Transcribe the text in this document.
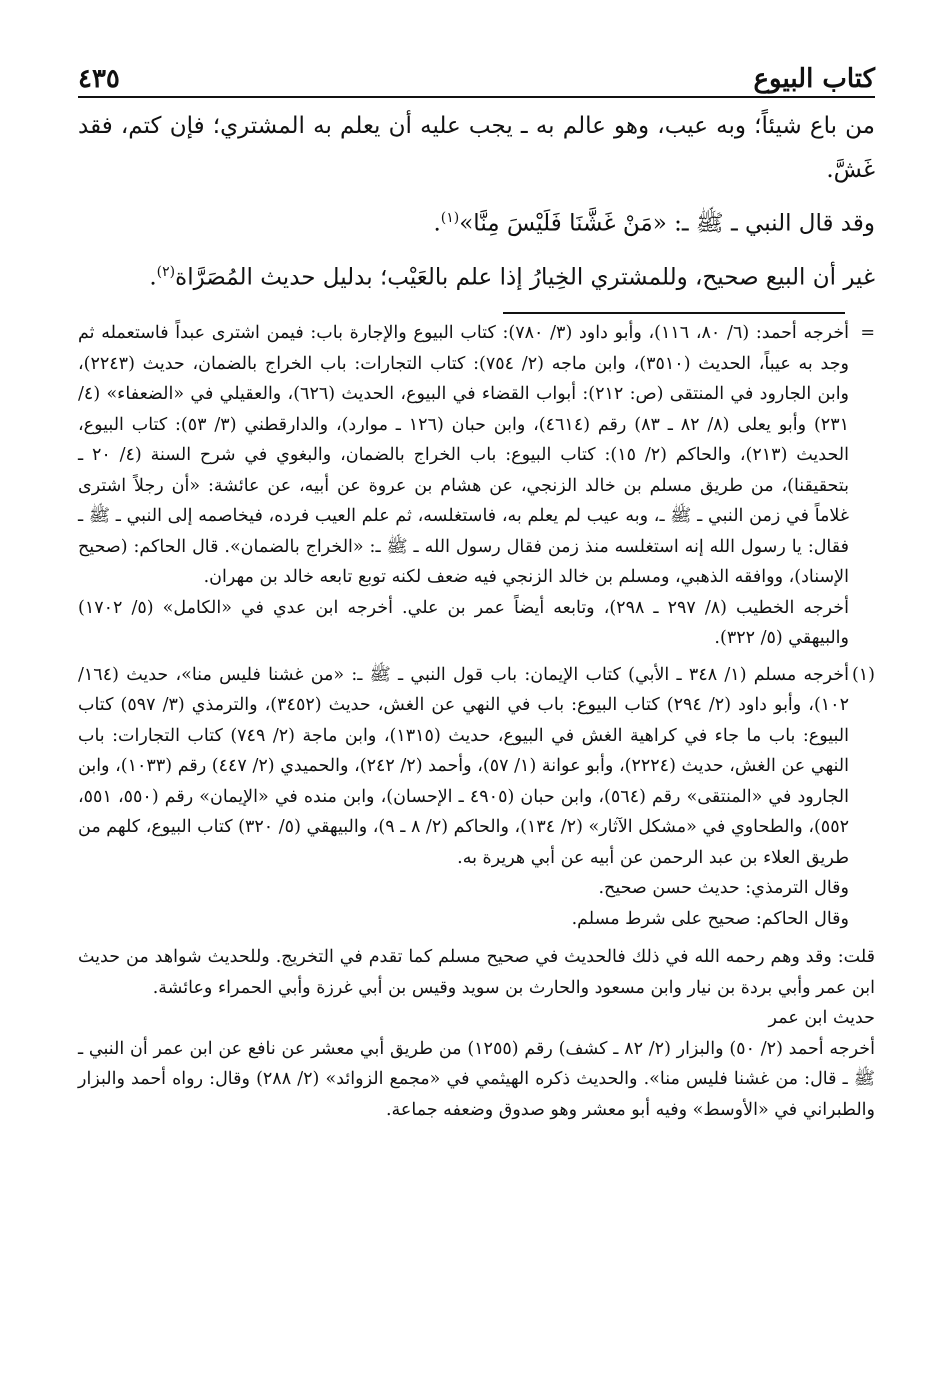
كتاب البيوع
٤٣٥

من باع شيئاً؛ وبه عيب، وهو عالم به ـ يجب عليه أن يعلم به المشتري؛ فإن كتم، فقد غَشَّ.

وقد قال النبي ـ ﷺ ـ: «مَنْ غَشَّنَا فَلَيْسَ مِنَّا»$^{(١)}$.

غير أن البيع صحيح، وللمشتري الخِيارُ إذا علم بالعَيْب؛ بدليل حديث المُصَرَّاة$^{(٢)}$.

=

أخرجه أحمد: (٦/ ٨٠، ١١٦)، وأبو داود (٣/ ٧٨٠): كتاب البيوع والإجارة باب: فيمن اشترى عبداً فاستعمله ثم وجد به عيباً، الحديث (٣٥١٠)، وابن ماجه (٢/ ٧٥٤): كتاب التجارات: باب الخراج بالضمان، حديث (٢٢٤٣)، وابن الجارود في المنتقى (ص: ٢١٢): أبواب القضاء في البيوع، الحديث (٦٢٦)، والعقيلي في «الضعفاء» (٤/ ٢٣١) وأبو يعلى (٨/ ٨٢ ـ ٨٣) رقم (٤٦١٤)، وابن حبان (١٢٦ ـ موارد)، والدارقطني (٣/ ٥٣): كتاب البيوع، الحديث (٢١٣)، والحاكم (٢/ ١٥): كتاب البيوع: باب الخراج بالضمان، والبغوي في شرح السنة (٤/ ٢٠ ـ بتحقيقنا)، من طريق مسلم بن خالد الزنجي، عن هشام بن عروة عن أبيه، عن عائشة: «أن رجلاً اشترى غلاماً في زمن النبي ـ ﷺ ـ، وبه عيب لم يعلم به، فاستغلسه، ثم علم العيب فرده، فيخاصمه إلى النبي ـ ﷺ ـ فقال: يا رسول الله إنه استغلسه منذ زمن فقال رسول الله ـ ﷺ ـ: «الخراج بالضمان». قال الحاكم: (صحيح الإسناد)، ووافقه الذهبي، ومسلم بن خالد الزنجي فيه ضعف لكنه توبع تابعه خالد بن مهران.

أخرجه الخطيب (٨/ ٢٩٧ ـ ٢٩٨)، وتابعه أيضاً عمر بن علي. أخرجه ابن عدي في «الكامل» (٥/ ١٧٠٢) والبيهقي (٥/ ٣٢٢).

(١)

أخرجه مسلم (١/ ٣٤٨ ـ الأبي) كتاب الإيمان: باب قول النبي ـ ﷺ ـ: «من غشنا فليس منا»، حديث (١٦٤/ ١٠٢)، وأبو داود (٢/ ٢٩٤) كتاب البيوع: باب في النهي عن الغش، حديث (٣٤٥٢)، والترمذي (٣/ ٥٩٧) كتاب البيوع: باب ما جاء في كراهية الغش في البيوع، حديث (١٣١٥)، وابن ماجة (٢/ ٧٤٩) كتاب التجارات: باب النهي عن الغش، حديث (٢٢٢٤)، وأبو عوانة (١/ ٥٧)، وأحمد (٢/ ٢٤٢)، والحميدي (٢/ ٤٤٧) رقم (١٠٣٣)، وابن الجارود في «المنتقى» رقم (٥٦٤)، وابن حبان (٤٩٠٥ ـ الإحسان)، وابن منده في «الإيمان» رقم (٥٥٠، ٥٥١، ٥٥٢)، والطحاوي في «مشكل الآثار» (٢/ ١٣٤)، والحاكم (٢/ ٨ ـ ٩)، والبيهقي (٥/ ٣٢٠) كتاب البيوع، كلهم من طريق العلاء بن عبد الرحمن عن أبيه عن أبي هريرة به.

وقال الترمذي: حديث حسن صحيح.

وقال الحاكم: صحيح على شرط مسلم.

قلت: وقد وهم رحمه الله في ذلك فالحديث في صحيح مسلم كما تقدم في التخريج. وللحديث شواهد من حديث ابن عمر وأبي بردة بن نيار وابن مسعود والحارث بن سويد وقيس بن أبي غرزة وأبي الحمراء وعائشة.

حديث ابن عمر

أخرجه أحمد (٢/ ٥٠) والبزار (٢/ ٨٢ ـ كشف) رقم (١٢٥٥) من طريق أبي معشر عن نافع عن ابن عمر أن النبي ـ ﷺ ـ قال: من غشنا فليس منا». والحديث ذكره الهيثمي في «مجمع الزوائد» (٢/ ٢٨٨) وقال: رواه أحمد والبزار والطبراني في «الأوسط» وفيه أبو معشر وهو صدوق وضعفه جماعة.
